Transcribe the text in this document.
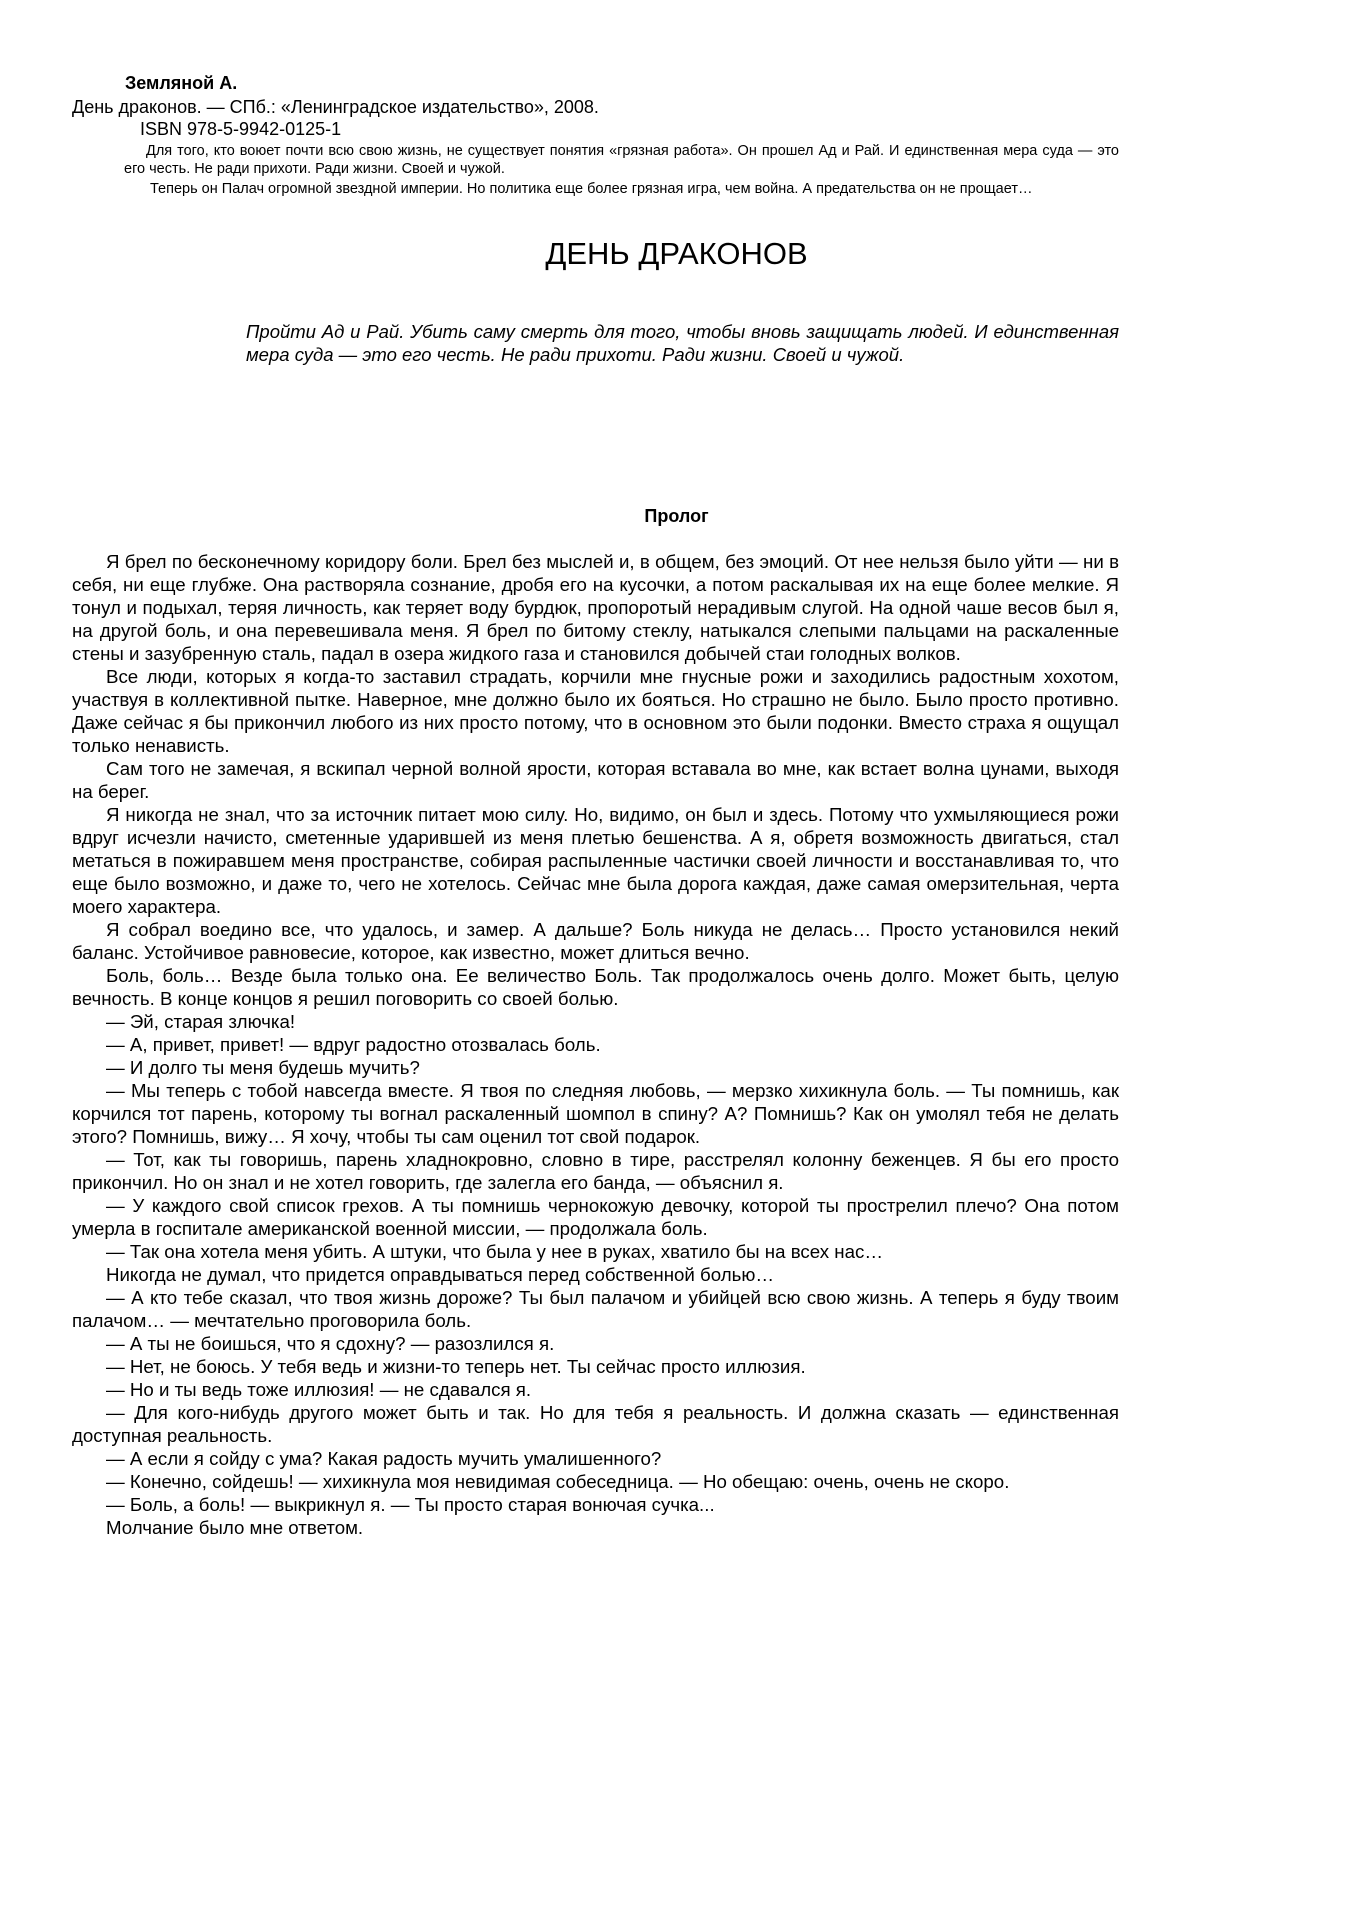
Земляной А.
День драконов. — СПб.: «Ленинградское издательство», 2008.
ISBN 978-5-9942-0125-1

Для того, кто воюет почти всю свою жизнь, не существует понятия «грязная работа». Он прошел Ад и Рай. И единственная мера суда — это его честь. Не ради прихоти. Ради жизни. Своей и чужой.

Теперь он Палач огромной звездной империи. Но политика еще более грязная игра, чем война. А предательства он не прощает…

ДЕНЬ ДРАКОНОВ

Пройти Ад и Рай. Убить саму смерть для того, чтобы вновь защищать людей. И единственная мера суда — это его честь. Не ради прихоти. Ради жизни. Своей и чужой.

Пролог

Я брел по бесконечному коридору боли. Брел без мыслей и, в общем, без эмоций. От нее нельзя было уйти — ни в себя, ни еще глубже. Она растворяла сознание, дробя его на кусочки, а потом раскалывая их на еще более мелкие. Я тонул и подыхал, теряя личность, как теряет воду бурдюк, пропоротый нерадивым слугой. На одной чаше весов был я, на другой боль, и она перевешивала меня. Я брел по битому стеклу, натыкался слепыми пальцами на раскаленные стены и зазубренную сталь, падал в озера жидкого газа и становился добычей стаи голодных волков.

Все люди, которых я когда-то заставил страдать, корчили мне гнусные рожи и заходились радостным хохотом, участвуя в коллективной пытке. Наверное, мне должно было их бояться. Но страшно не было. Было просто противно. Даже сейчас я бы прикончил любого из них просто потому, что в основном это были подонки. Вместо страха я ощущал только ненависть.

Сам того не замечая, я вскипал черной волной ярости, которая вставала во мне, как встает волна цунами, выходя на берег.

Я никогда не знал, что за источник питает мою силу. Но, видимо, он был и здесь. Потому что ухмыляющиеся рожи вдруг исчезли начисто, сметенные ударившей из меня плетью бешенства. А я, обретя возможность двигаться, стал метаться в пожиравшем меня пространстве, собирая распыленные частички своей личности и восстанавливая то, что еще было возможно, и даже то, чего не хотелось. Сейчас мне была дорога каждая, даже самая омерзительная, черта моего характера.

Я собрал воедино все, что удалось, и замер. А дальше? Боль никуда не делась… Просто установился некий баланс. Устойчивое равновесие, которое, как известно, может длиться вечно.

Боль, боль… Везде была только она. Ее величество Боль. Так продолжалось очень долго. Может быть, целую вечность. В конце концов я решил поговорить со своей болью.

— Эй, старая злючка!

— А, привет, привет! — вдруг радостно отозвалась боль.

— И долго ты меня будешь мучить?

— Мы теперь с тобой навсегда вместе. Я твоя по следняя любовь, — мерзко хихикнула боль. — Ты помнишь, как корчился тот парень, которому ты вогнал раскаленный шомпол в спину? А? Помнишь? Как он умолял тебя не делать этого? Помнишь, вижу… Я хочу, чтобы ты сам оценил тот свой подарок.

— Тот, как ты говоришь, парень хладнокровно, словно в тире, расстрелял колонну беженцев. Я бы его просто прикончил. Но он знал и не хотел говорить, где залегла его банда, — объяснил я.

— У каждого свой список грехов. А ты помнишь чернокожую девочку, которой ты прострелил плечо? Она потом умерла в госпитале американской военной миссии, — продолжала боль.

— Так она хотела меня убить. А штуки, что была у нее в руках, хватило бы на всех нас…

Никогда не думал, что придется оправдываться перед собственной болью…

— А кто тебе сказал, что твоя жизнь дороже? Ты был палачом и убийцей всю свою жизнь. А теперь я буду твоим палачом… — мечтательно проговорила боль.

— А ты не боишься, что я сдохну? — разозлился я.

— Нет, не боюсь. У тебя ведь и жизни-то теперь нет. Ты сейчас просто иллюзия.

— Но и ты ведь тоже иллюзия! — не сдавался я.

— Для кого-нибудь другого может быть и так. Но для тебя я реальность. И должна сказать — единственная доступная реальность.

— А если я сойду с ума? Какая радость мучить умалишенного?

— Конечно, сойдешь! — хихикнула моя невидимая собеседница. — Но обещаю: очень, очень не скоро.

— Боль, а боль! — выкрикнул я. — Ты просто старая вонючая сучка...

Молчание было мне ответом.
